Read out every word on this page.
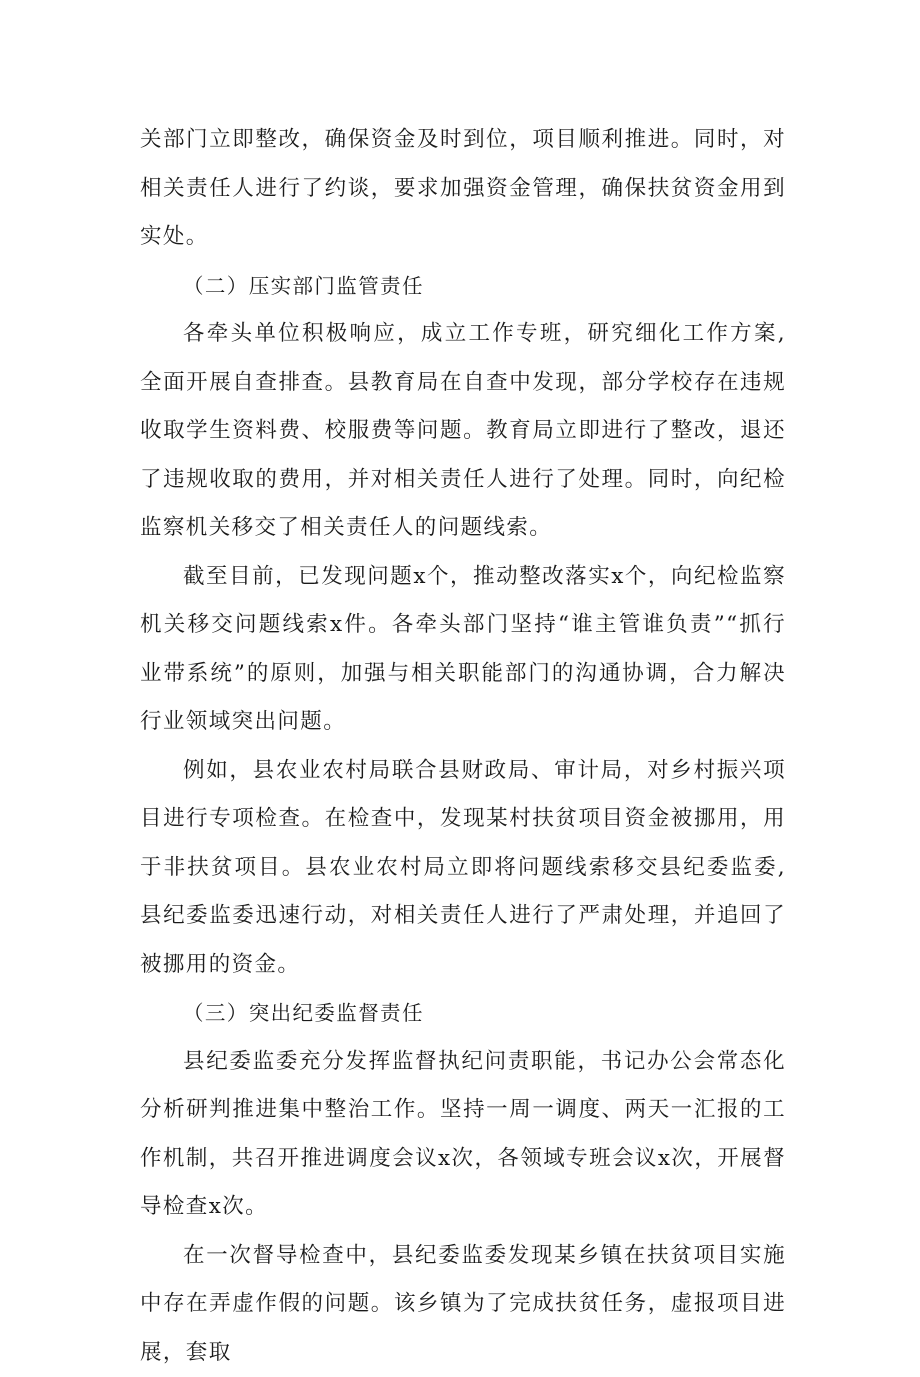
关部门立即整改，确保资金及时到位，项目顺利推进。同时，对相关责任人进行了约谈，要求加强资金管理，确保扶贫资金用到实处。

（二）压实部门监管责任

各牵头单位积极响应，成立工作专班，研究细化工作方案,全面开展自查排查。县教育局在自查中发现，部分学校存在违规收取学生资料费、校服费等问题。教育局立即进行了整改，退还了违规收取的费用，并对相关责任人进行了处理。同时，向纪检监察机关移交了相关责任人的问题线索。

截至目前，已发现问题x个，推动整改落实x个，向纪检监察机关移交问题线索x件。各牵头部门坚持“谁主管谁负责”“抓行业带系统”的原则，加强与相关职能部门的沟通协调，合力解决行业领域突出问题。

例如，县农业农村局联合县财政局、审计局，对乡村振兴项目进行专项检查。在检查中，发现某村扶贫项目资金被挪用，用于非扶贫项目。县农业农村局立即将问题线索移交县纪委监委,县纪委监委迅速行动，对相关责任人进行了严肃处理，并追回了被挪用的资金。

（三）突出纪委监督责任

县纪委监委充分发挥监督执纪问责职能，书记办公会常态化分析研判推进集中整治工作。坚持一周一调度、两天一汇报的工作机制，共召开推进调度会议x次，各领域专班会议x次，开展督导检查x次。

在一次督导检查中，县纪委监委发现某乡镇在扶贫项目实施中存在弄虚作假的问题。该乡镇为了完成扶贫任务，虚报项目进展，套取
